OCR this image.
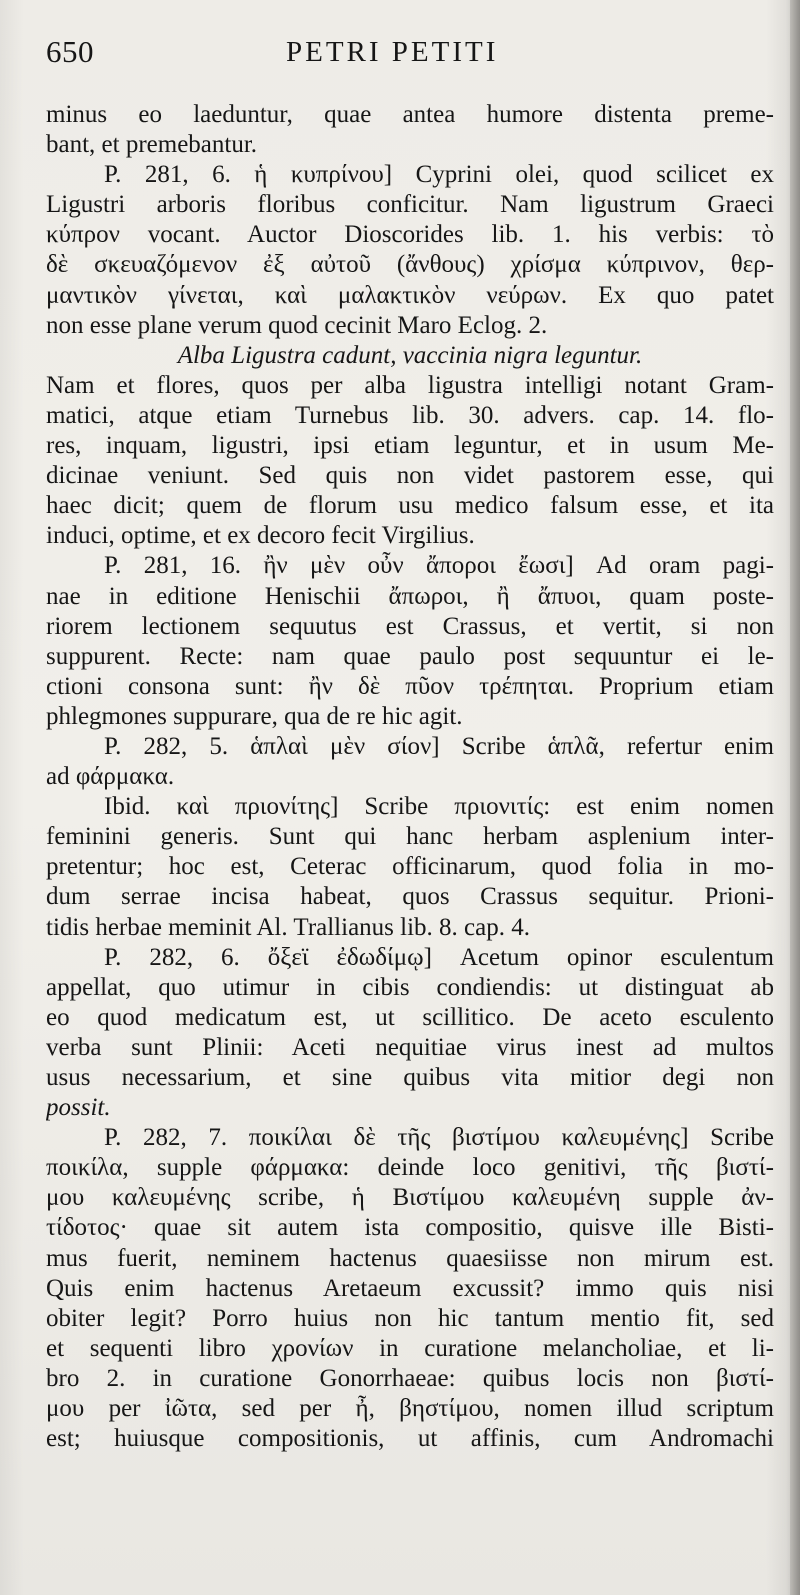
650	PETRI PETITI
minus eo laeduntur, quae antea humore distenta preme-
bant, et premebantur.
P. 281, 6. ἡ κυπρίνου] Cyprini olei, quod scilicet ex
Ligustri arboris floribus conficitur. Nam ligustrum Graeci
κύπρον vocant. Auctor Dioscorides lib. 1. his verbis: τὸ
δὲ σκευαζόμενον ἐξ αὐτοῦ (ἄνθους) χρίσμα κύπρινον, θερ-
μαντικὸν γίνεται, καὶ μαλακτικὸν νεύρων. Ex quo patet
non esse plane verum quod cecinit Maro Eclog. 2.
Alba Ligustra cadunt, vaccinia nigra leguntur.
Nam et flores, quos per alba ligustra intelligi notant Gram-
matici, atque etiam Turnebus lib. 30. advers. cap. 14. flo-
res, inquam, ligustri, ipsi etiam leguntur, et in usum Me-
dicinae veniunt. Sed quis non videt pastorem esse, qui
haec dicit; quem de florum usu medico falsum esse, et ita
induci, optime, et ex decoro fecit Virgilius.
P. 281, 16. ἢν μὲν οὖν ἄποροι ἔωσι] Ad oram pagi-
nae in editione Henischii ἄπωροι, ἢ ἄπυοι, quam poste-
riorem lectionem sequutus est Crassus, et vertit, si non
suppurent. Recte: nam quae paulo post sequuntur ei le-
ctioni consona sunt: ἢν δὲ πῦον τρέπηται. Proprium etiam
phlegmones suppurare, qua de re hic agit.
P. 282, 5. ἁπλαὶ μὲν σίον] Scribe ἁπλᾶ, refertur enim
ad φάρμακα.
Ibid. καὶ πριονίτης] Scribe πριονιτίς: est enim nomen
feminini generis. Sunt qui hanc herbam asplenium inter-
pretentur; hoc est, Ceterac officinarum, quod folia in mo-
dum serrae incisa habeat, quos Crassus sequitur. Prioni-
tidis herbae meminit Al. Trallianus lib. 8. cap. 4.
P. 282, 6. ὄξεϊ ἐδωδίμῳ] Acetum opinor esculentum
appellat, quo utimur in cibis condiendis: ut distinguat ab
eo quod medicatum est, ut scillitico. De aceto esculento
verba sunt Plinii: Aceti nequitiae virus inest ad multos
usus necessarium, et sine quibus vita mitior degi non
possit.
P. 282, 7. ποικίλαι δὲ τῆς βιστίμου καλευμένης] Scribe
ποικίλα, supple φάρμακα: deinde loco genitivi, τῆς βιστί-
μου καλευμένης scribe, ἡ Βιστίμου καλευμένη supple ἀν-
τίδοτος· quae sit autem ista compositio, quisve ille Bisti-
mus fuerit, neminem hactenus quaesiisse non mirum est.
Quis enim hactenus Aretaeum excussit? immo quis nisi
obiter legit? Porro huius non hic tantum mentio fit, sed
et sequenti libro χρονίων in curatione melancholiae, et li-
bro 2. in curatione Gonorrhaeae: quibus locis non βιστί-
μου per ἰῶτα, sed per ἦ, βηστίμου, nomen illud scriptum
est; huiusque compositionis, ut affinis, cum Andromachi
